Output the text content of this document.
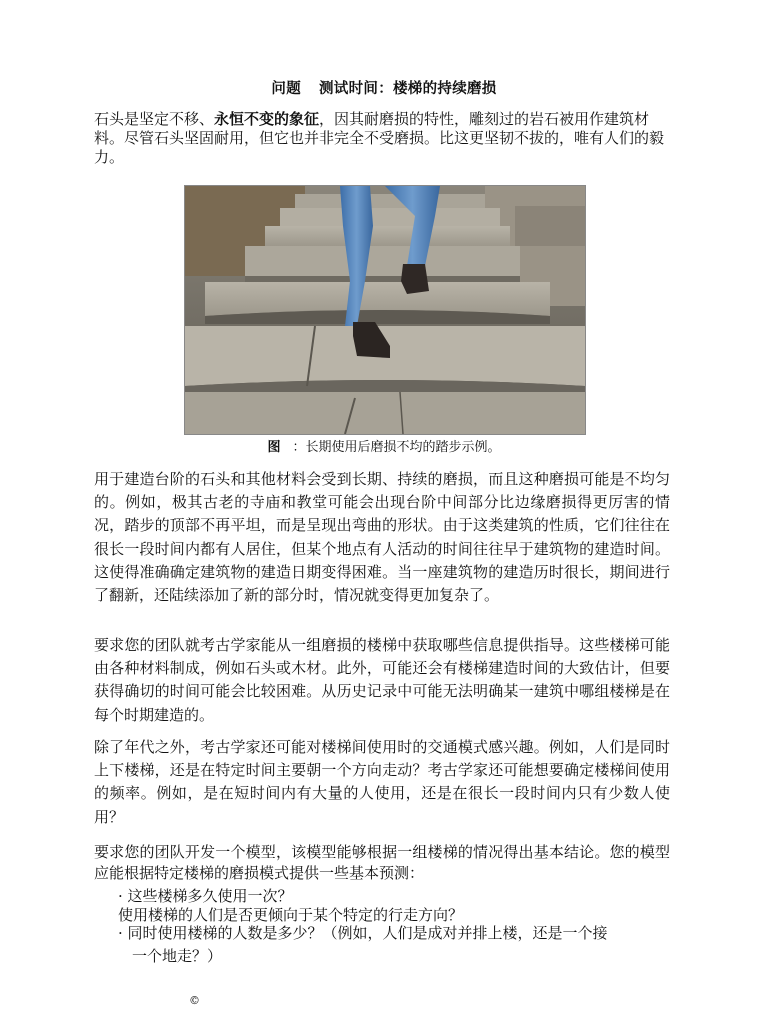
问题 测试时间：楼梯的持续磨损
石头是坚定不移、永恒不变的象征，因其耐磨损的特性，雕刻过的岩石被用作建筑材料。尽管石头坚固耐用，但它也并非完全不受磨损。比这更坚韧不拔的，唯有人们的毅力。
图 ：长期使用后磨损不均的踏步示例。
用于建造台阶的石头和其他材料会受到长期、持续的磨损，而且这种磨损可能是不均匀的。例如，极其古老的寺庙和教堂可能会出现台阶中间部分比边缘磨损得更厉害的情况，踏步的顶部不再平坦，而是呈现出弯曲的形状。由于这类建筑的性质，它们往往在很长一段时间内都有人居住，但某个地点有人活动的时间往往早于建筑物的建造时间。这使得准确确定建筑物的建造日期变得困难。当一座建筑物的建造历时很长，期间进行了翻新，还陆续添加了新的部分时，情况就变得更加复杂了。
要求您的团队就考古学家能从一组磨损的楼梯中获取哪些信息提供指导。这些楼梯可能由各种材料制成，例如石头或木材。此外，可能还会有楼梯建造时间的大致估计，但要获得确切的时间可能会比较困难。从历史记录中可能无法明确某一建筑中哪组楼梯是在每个时期建造的。
除了年代之外，考古学家还可能对楼梯间使用时的交通模式感兴趣。例如，人们是同时上下楼梯，还是在特定时间主要朝一个方向走动？考古学家还可能想要确定楼梯间使用的频率。例如，是在短时间内有大量的人使用，还是在很长一段时间内只有少数人使用？
要求您的团队开发一个模型，该模型能够根据一组楼梯的情况得出基本结论。您的模型应能根据特定楼梯的磨损模式提供一些基本预测：
· 这些楼梯多久使用一次？
使用楼梯的人们是否更倾向于某个特定的行走方向？
· 同时使用楼梯的人数是多少？（例如，人们是成对并排上楼，还是一个接
一个地走？）
©
